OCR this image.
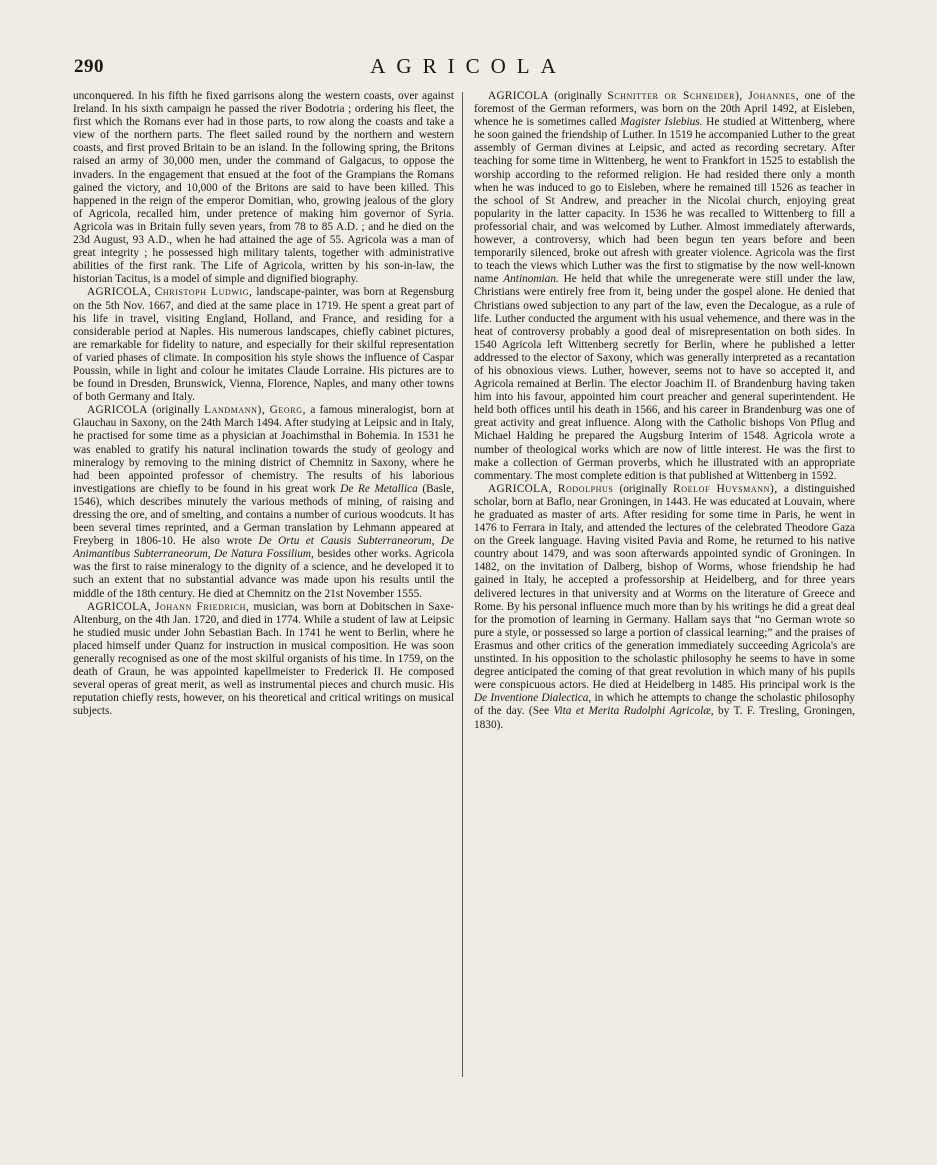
290	AGRICOLA

unconquered. In his fifth he fixed garrisons along the western coasts, over against Ireland. In his sixth campaign he passed the river Bodotria ; ordering his fleet, the first which the Romans ever had in those parts, to row along the coasts and take a view of the northern parts. The fleet sailed round by the northern and western coasts, and first proved Britain to be an island. In the following spring, the Britons raised an army of 30,000 men, under the command of Galgacus, to oppose the invaders. In the engagement that ensued at the foot of the Grampians the Romans gained the victory, and 10,000 of the Britons are said to have been killed. This happened in the reign of the emperor Domitian, who, growing jealous of the glory of Agricola, recalled him, under pretence of making him governor of Syria. Agricola was in Britain fully seven years, from 78 to 85 A.D. ; and he died on the 23d August, 93 A.D., when he had attained the age of 55. Agricola was a man of great integrity ; he possessed high military talents, together with administrative abilities of the first rank. The Life of Agricola, written by his son-in-law, the historian Tacitus, is a model of simple and dignified biography.

AGRICOLA, Christoph Ludwig, landscape-painter, was born at Regensburg on the 5th Nov. 1667, and died at the same place in 1719. He spent a great part of his life in travel, visiting England, Holland, and France, and residing for a considerable period at Naples. His numerous landscapes, chiefly cabinet pictures, are remarkable for fidelity to nature, and especially for their skilful representation of varied phases of climate. In composition his style shows the influence of Caspar Poussin, while in light and colour he imitates Claude Lorraine. His pictures are to be found in Dresden, Brunswick, Vienna, Florence, Naples, and many other towns of both Germany and Italy.

AGRICOLA (originally Landmann), Georg, a famous mineralogist, born at Glauchau in Saxony, on the 24th March 1494. After studying at Leipsic and in Italy, he practised for some time as a physician at Joachimsthal in Bohemia. In 1531 he was enabled to gratify his natural inclination towards the study of geology and mineralogy by removing to the mining district of Chemnitz in Saxony, where he had been appointed professor of chemistry. The results of his laborious investigations are chiefly to be found in his great work De Re Metallica (Basle, 1546), which describes minutely the various methods of mining, of raising and dressing the ore, and of smelting, and contains a number of curious woodcuts. It has been several times reprinted, and a German translation by Lehmann appeared at Freyberg in 1806-10. He also wrote De Ortu et Causis Subterraneorum, De Animantibus Subterraneorum, De Natura Fossilium, besides other works. Agricola was the first to raise mineralogy to the dignity of a science, and he developed it to such an extent that no substantial advance was made upon his results until the middle of the 18th century. He died at Chemnitz on the 21st November 1555.

AGRICOLA, Johann Friedrich, musician, was born at Dobitschen in Saxe-Altenburg, on the 4th Jan. 1720, and died in 1774. While a student of law at Leipsic he studied music under John Sebastian Bach. In 1741 he went to Berlin, where he placed himself under Quanz for instruction in musical composition. He was soon generally recognised as one of the most skilful organists of his time. In 1759, on the death of Graun, he was appointed kapellmeister to Frederick II. He composed several operas of great merit, as well as instrumental pieces and church music. His reputation chiefly rests, however, on his theoretical and critical writings on musical subjects.

AGRICOLA (originally Schnitter or Schneider), Johannes, one of the foremost of the German reformers, was born on the 20th April 1492, at Eisleben, whence he is sometimes called Magister Islebius. He studied at Wittenberg, where he soon gained the friendship of Luther. In 1519 he accompanied Luther to the great assembly of German divines at Leipsic, and acted as recording secretary. After teaching for some time in Wittenberg, he went to Frankfort in 1525 to establish the worship according to the reformed religion. He had resided there only a month when he was induced to go to Eisleben, where he remained till 1526 as teacher in the school of St Andrew, and preacher in the Nicolai church, enjoying great popularity in the latter capacity. In 1536 he was recalled to Wittenberg to fill a professorial chair, and was welcomed by Luther. Almost immediately afterwards, however, a controversy, which had been begun ten years before and been temporarily silenced, broke out afresh with greater violence. Agricola was the first to teach the views which Luther was the first to stigmatise by the now well-known name Antinomian. He held that while the unregenerate were still under the law, Christians were entirely free from it, being under the gospel alone. He denied that Christians owed subjection to any part of the law, even the Decalogue, as a rule of life. Luther conducted the argument with his usual vehemence, and there was in the heat of controversy probably a good deal of misrepresentation on both sides. In 1540 Agricola left Wittenberg secretly for Berlin, where he published a letter addressed to the elector of Saxony, which was generally interpreted as a recantation of his obnoxious views. Luther, however, seems not to have so accepted it, and Agricola remained at Berlin. The elector Joachim II. of Brandenburg having taken him into his favour, appointed him court preacher and general superintendent. He held both offices until his death in 1566, and his career in Brandenburg was one of great activity and great influence. Along with the Catholic bishops Von Pflug and Michael Halding he prepared the Augsburg Interim of 1548. Agricola wrote a number of theological works which are now of little interest. He was the first to make a collection of German proverbs, which he illustrated with an appropriate commentary. The most complete edition is that published at Wittenberg in 1592.

AGRICOLA, Rodolphus (originally Roelof Huysmann), a distinguished scholar, born at Baflo, near Groningen, in 1443. He was educated at Louvain, where he graduated as master of arts. After residing for some time in Paris, he went in 1476 to Ferrara in Italy, and attended the lectures of the celebrated Theodore Gaza on the Greek language. Having visited Pavia and Rome, he returned to his native country about 1479, and was soon afterwards appointed syndic of Groningen. In 1482, on the invitation of Dalberg, bishop of Worms, whose friendship he had gained in Italy, he accepted a professorship at Heidelberg, and for three years delivered lectures in that university and at Worms on the literature of Greece and Rome. By his personal influence much more than by his writings he did a great deal for the promotion of learning in Germany. Hallam says that “no German wrote so pure a style, or possessed so large a portion of classical learning;” and the praises of Erasmus and other critics of the generation immediately succeeding Agricola's are unstinted. In his opposition to the scholastic philosophy he seems to have in some degree anticipated the coming of that great revolution in which many of his pupils were conspicuous actors. He died at Heidelberg in 1485. His principal work is the De Inventione Dialectica, in which he attempts to change the scholastic philosophy of the day. (See Vita et Merita Rudolphi Agricolæ, by T. F. Tresling, Groningen, 1830).
